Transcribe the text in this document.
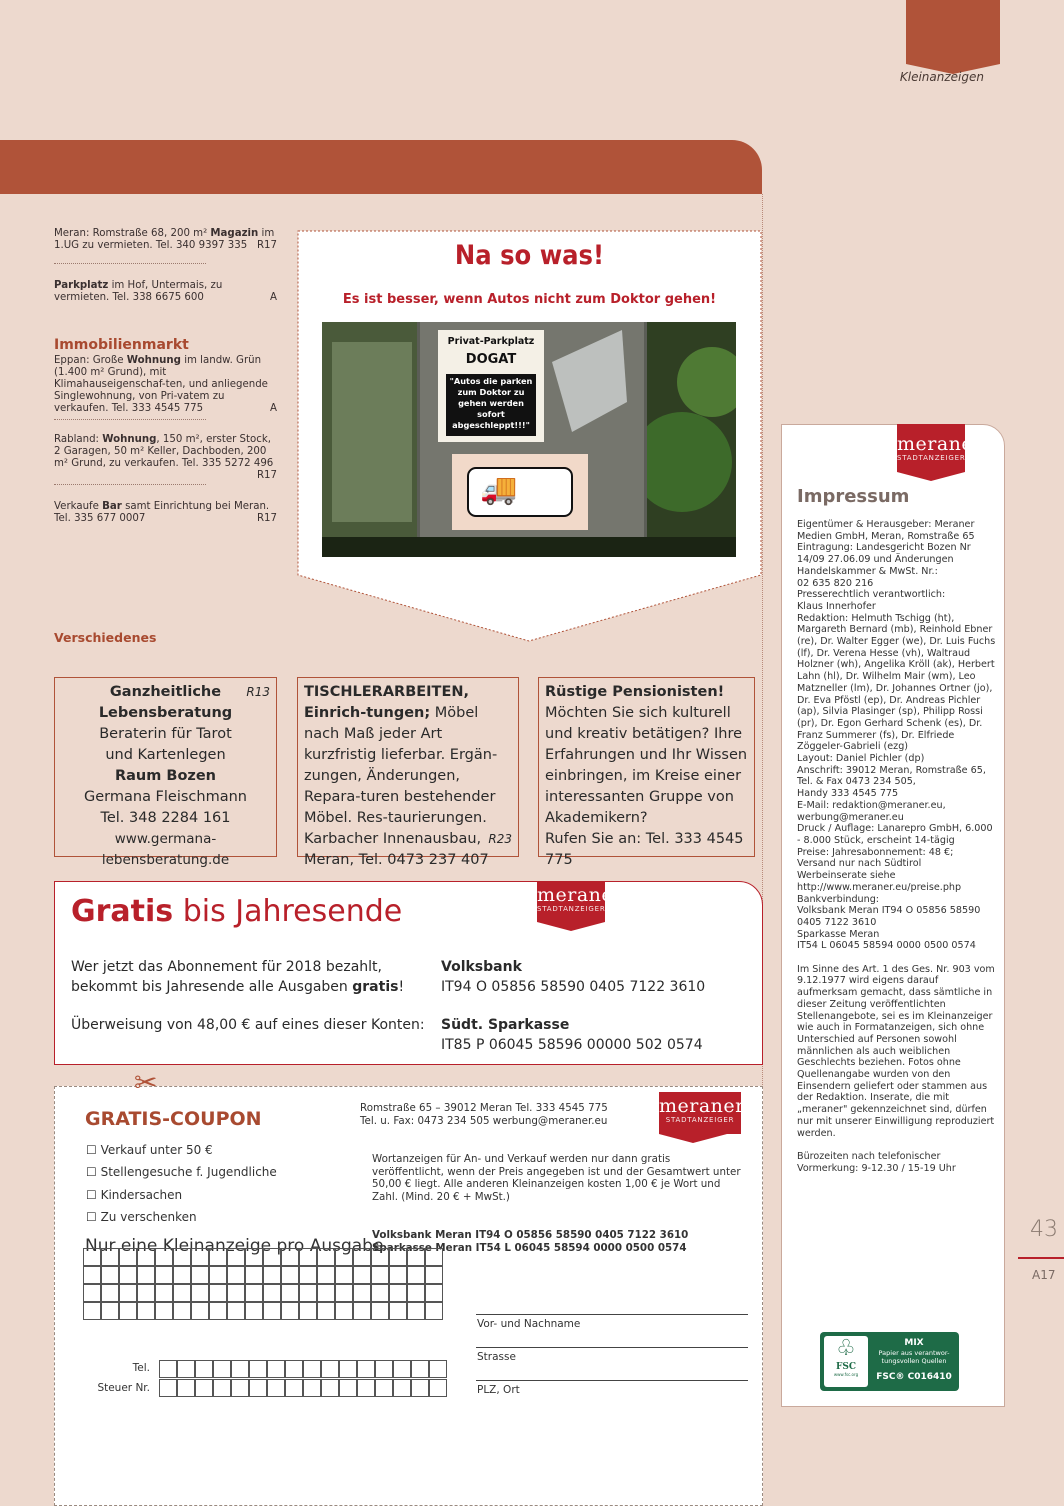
Kleinanzeigen
Meran: Romstraße 68, 200 m² Magazin im 1.UG zu vermieten. Tel. 340 9397 335 R17
Parkplatz im Hof, Untermais, zu vermieten. Tel. 338 6675 600	A
Immobilienmarkt
Eppan: Große Wohnung im landw. Grün (1.400 m² Grund), mit Klimahauseigenschaf-ten, und anliegende Singlewohnung, von Pri-vatem zu verkaufen. Tel. 333 4545 775	A
Rabland: Wohnung, 150 m², erster Stock, 2 Garagen, 50 m² Keller, Dachboden, 200 m² Grund, zu verkaufen. Tel. 335 5272 496
R17
Verkaufe Bar samt Einrichtung bei Meran. Tel. 335 677 0007	R17
Na so was!
Es ist besser, wenn Autos nicht zum Doktor gehen!
Privat-Parkplatz
DOGAT
"Autos die parken zum Doktor zu gehen werden sofort abgeschleppt!!!"
🚚
Verschiedenes
R13
Ganzheitliche
Lebensberatung
Beraterin für Tarot
und Kartenlegen
Raum Bozen
Germana Fleischmann
Tel. 348 2284 161
www.germana-lebensberatung.de
TISCHLERARBEITEN, Einrich-tungen; Möbel nach Maß jeder Art kurzfristig lieferbar. Ergän-zungen, Änderungen, Repara-turen bestehender Möbel. Res-taurierungen.
Karbacher Innenausbau,
Meran, Tel. 0473 237 407
R23
Rüstige Pensionisten!
Möchten Sie sich kulturell und kreativ betätigen? Ihre Erfahrungen und Ihr Wissen einbringen, im Kreise einer interessanten Gruppe von Akademikern?
Rufen Sie an: Tel. 333 4545 775
meraner
STADTANZEIGER
Gratis bis Jahresende
Wer jetzt das Abonnement für 2018 bezahlt,
bekommt bis Jahresende alle Ausgaben gratis!
Überweisung von 48,00 € auf eines dieser Konten:
Volksbank
IT94 O 05856 58590 0405 7122 3610
Südt. Sparkasse
IT85 P 06045 58596 00000 502 0574
meraner
STADTANZEIGER
Impressum
Eigentümer & Herausgeber: Meraner Medien GmbH, Meran, Romstraße 65
Eintragung: Landesgericht Bozen Nr 14/09 27.06.09 und Änderungen
Handelskammer & MwSt. Nr.:
02 635 820 216
Presserechtlich verantwortlich:
Klaus Innerhofer
Redaktion: Helmuth Tschigg (ht), Margareth Bernard (mb), Reinhold Ebner (re), Dr. Walter Egger (we), Dr. Luis Fuchs (lf), Dr. Verena Hesse (vh), Waltraud Holzner (wh), Angelika Kröll (ak), Herbert Lahn (hl), Dr. Wilhelm Mair (wm), Leo Matzneller (lm), Dr. Johannes Ortner (jo), Dr. Eva Pföstl (ep), Dr. Andreas Pichler (ap), Silvia Plasinger (sp), Philipp Rossi (pr), Dr. Egon Gerhard Schenk (es), Dr. Franz Summerer (fs), Dr. Elfriede Zöggeler-Gabrieli (ezg)
Layout: Daniel Pichler (dp)
Anschrift: 39012 Meran, Romstraße 65, Tel. & Fax 0473 234 505,
Handy 333 4545 775
E-Mail: redaktion@meraner.eu,
werbung@meraner.eu
Druck / Auflage: Lanarepro GmbH, 6.000 - 8.000 Stück, erscheint 14-tägig
Preise: Jahresabonnement: 48 €;
Versand nur nach Südtirol
Werbeinserate siehe
http://www.meraner.eu/preise.php
Bankverbindung:
Volksbank Meran IT94 O 05856 58590 0405 7122 3610
Sparkasse Meran
IT54 L 06045 58594 0000 0500 0574

Im Sinne des Art. 1 des Ges. Nr. 903 vom 9.12.1977 wird eigens darauf aufmerksam gemacht, dass sämtliche in dieser Zeitung veröffentlichten Stellenangebote, sei es im Kleinanzeiger wie auch in Formatanzeigen, sich ohne Unterschied auf Personen sowohl männlichen als auch weiblichen Geschlechts beziehen. Fotos ohne Quellenangabe wurden von den Einsendern geliefert oder stammen aus der Redaktion. Inserate, die mit „meraner" gekennzeichnet sind, dürfen nur mit unserer Einwilligung reproduziert werden.

Bürozeiten nach telefonischer Vormerkung: 9-12.30 / 15-19 Uhr
♧
FSC
www.fsc.org
MIX
Papier aus verantwor-tungsvollen Quellen
FSC® C016410
43
A17
✂
GRATIS-COUPON
☐ Verkauf unter 50 €
☐ Stellengesuche f. Jugendliche
☐ Kindersachen
☐ Zu verschenken
Nur eine Kleinanzeige pro Ausgabe
Romstraße 65 – 39012 Meran Tel. 333 4545 775
Tel. u. Fax: 0473 234 505 werbung@meraner.eu
meraner
STADTANZEIGER
Wortanzeigen für An- und Verkauf werden nur dann gratis veröffentlicht, wenn der Preis angegeben ist und der Gesamtwert unter 50,00 € liegt. Alle anderen Kleinanzeigen kosten 1,00 € je Wort und Zahl. (Mind. 20 € + MwSt.)
Volksbank Meran IT94 O 05856 58590 0405 7122 3610
Sparkasse Meran IT54 L 06045 58594 0000 0500 0574
Tel.
Steuer Nr.
Vor- und Nachname
Strasse
PLZ, Ort
